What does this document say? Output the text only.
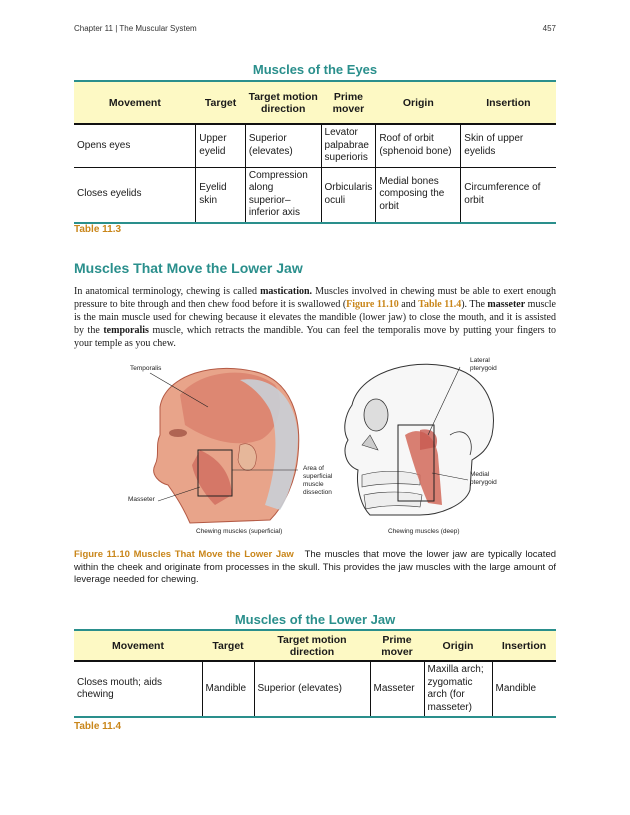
Chapter 11 | The Muscular System	457
Muscles of the Eyes
Movement	Target	Target motion direction	Prime mover	Origin	Insertion
Opens eyes	Upper eyelid	Superior (elevates)	Levator palpabrae superioris	Roof of orbit (sphenoid bone)	Skin of upper eyelids
Closes eyelids	Eyelid skin	Compression along superior–inferior axis	Orbicularis oculi	Medial bones composing the orbit	Circumference of orbit
Table 11.3
Muscles That Move the Lower Jaw
In anatomical terminology, chewing is called mastication. Muscles involved in chewing must be able to exert enough pressure to bite through and then chew food before it is swallowed (Figure 11.10 and Table 11.4). The masseter muscle is the main muscle used for chewing because it elevates the mandible (lower jaw) to close the mouth, and it is assisted by the temporalis muscle, which retracts the mandible. You can feel the temporalis move by putting your fingers to your temple as you chew.
Temporalis
Masseter
Area of superficial muscle dissection
Lateral pterygoid
Medial pterygoid
Chewing muscles (superficial)	Chewing muscles (deep)
Figure 11.10 Muscles That Move the Lower Jaw The muscles that move the lower jaw are typically located within the cheek and originate from processes in the skull. This provides the jaw muscles with the large amount of leverage needed for chewing.
Muscles of the Lower Jaw
Movement	Target	Target motion direction	Prime mover	Origin	Insertion
Closes mouth; aids chewing	Mandible	Superior (elevates)	Masseter	Maxilla arch; zygomatic arch (for masseter)	Mandible
Table 11.4
